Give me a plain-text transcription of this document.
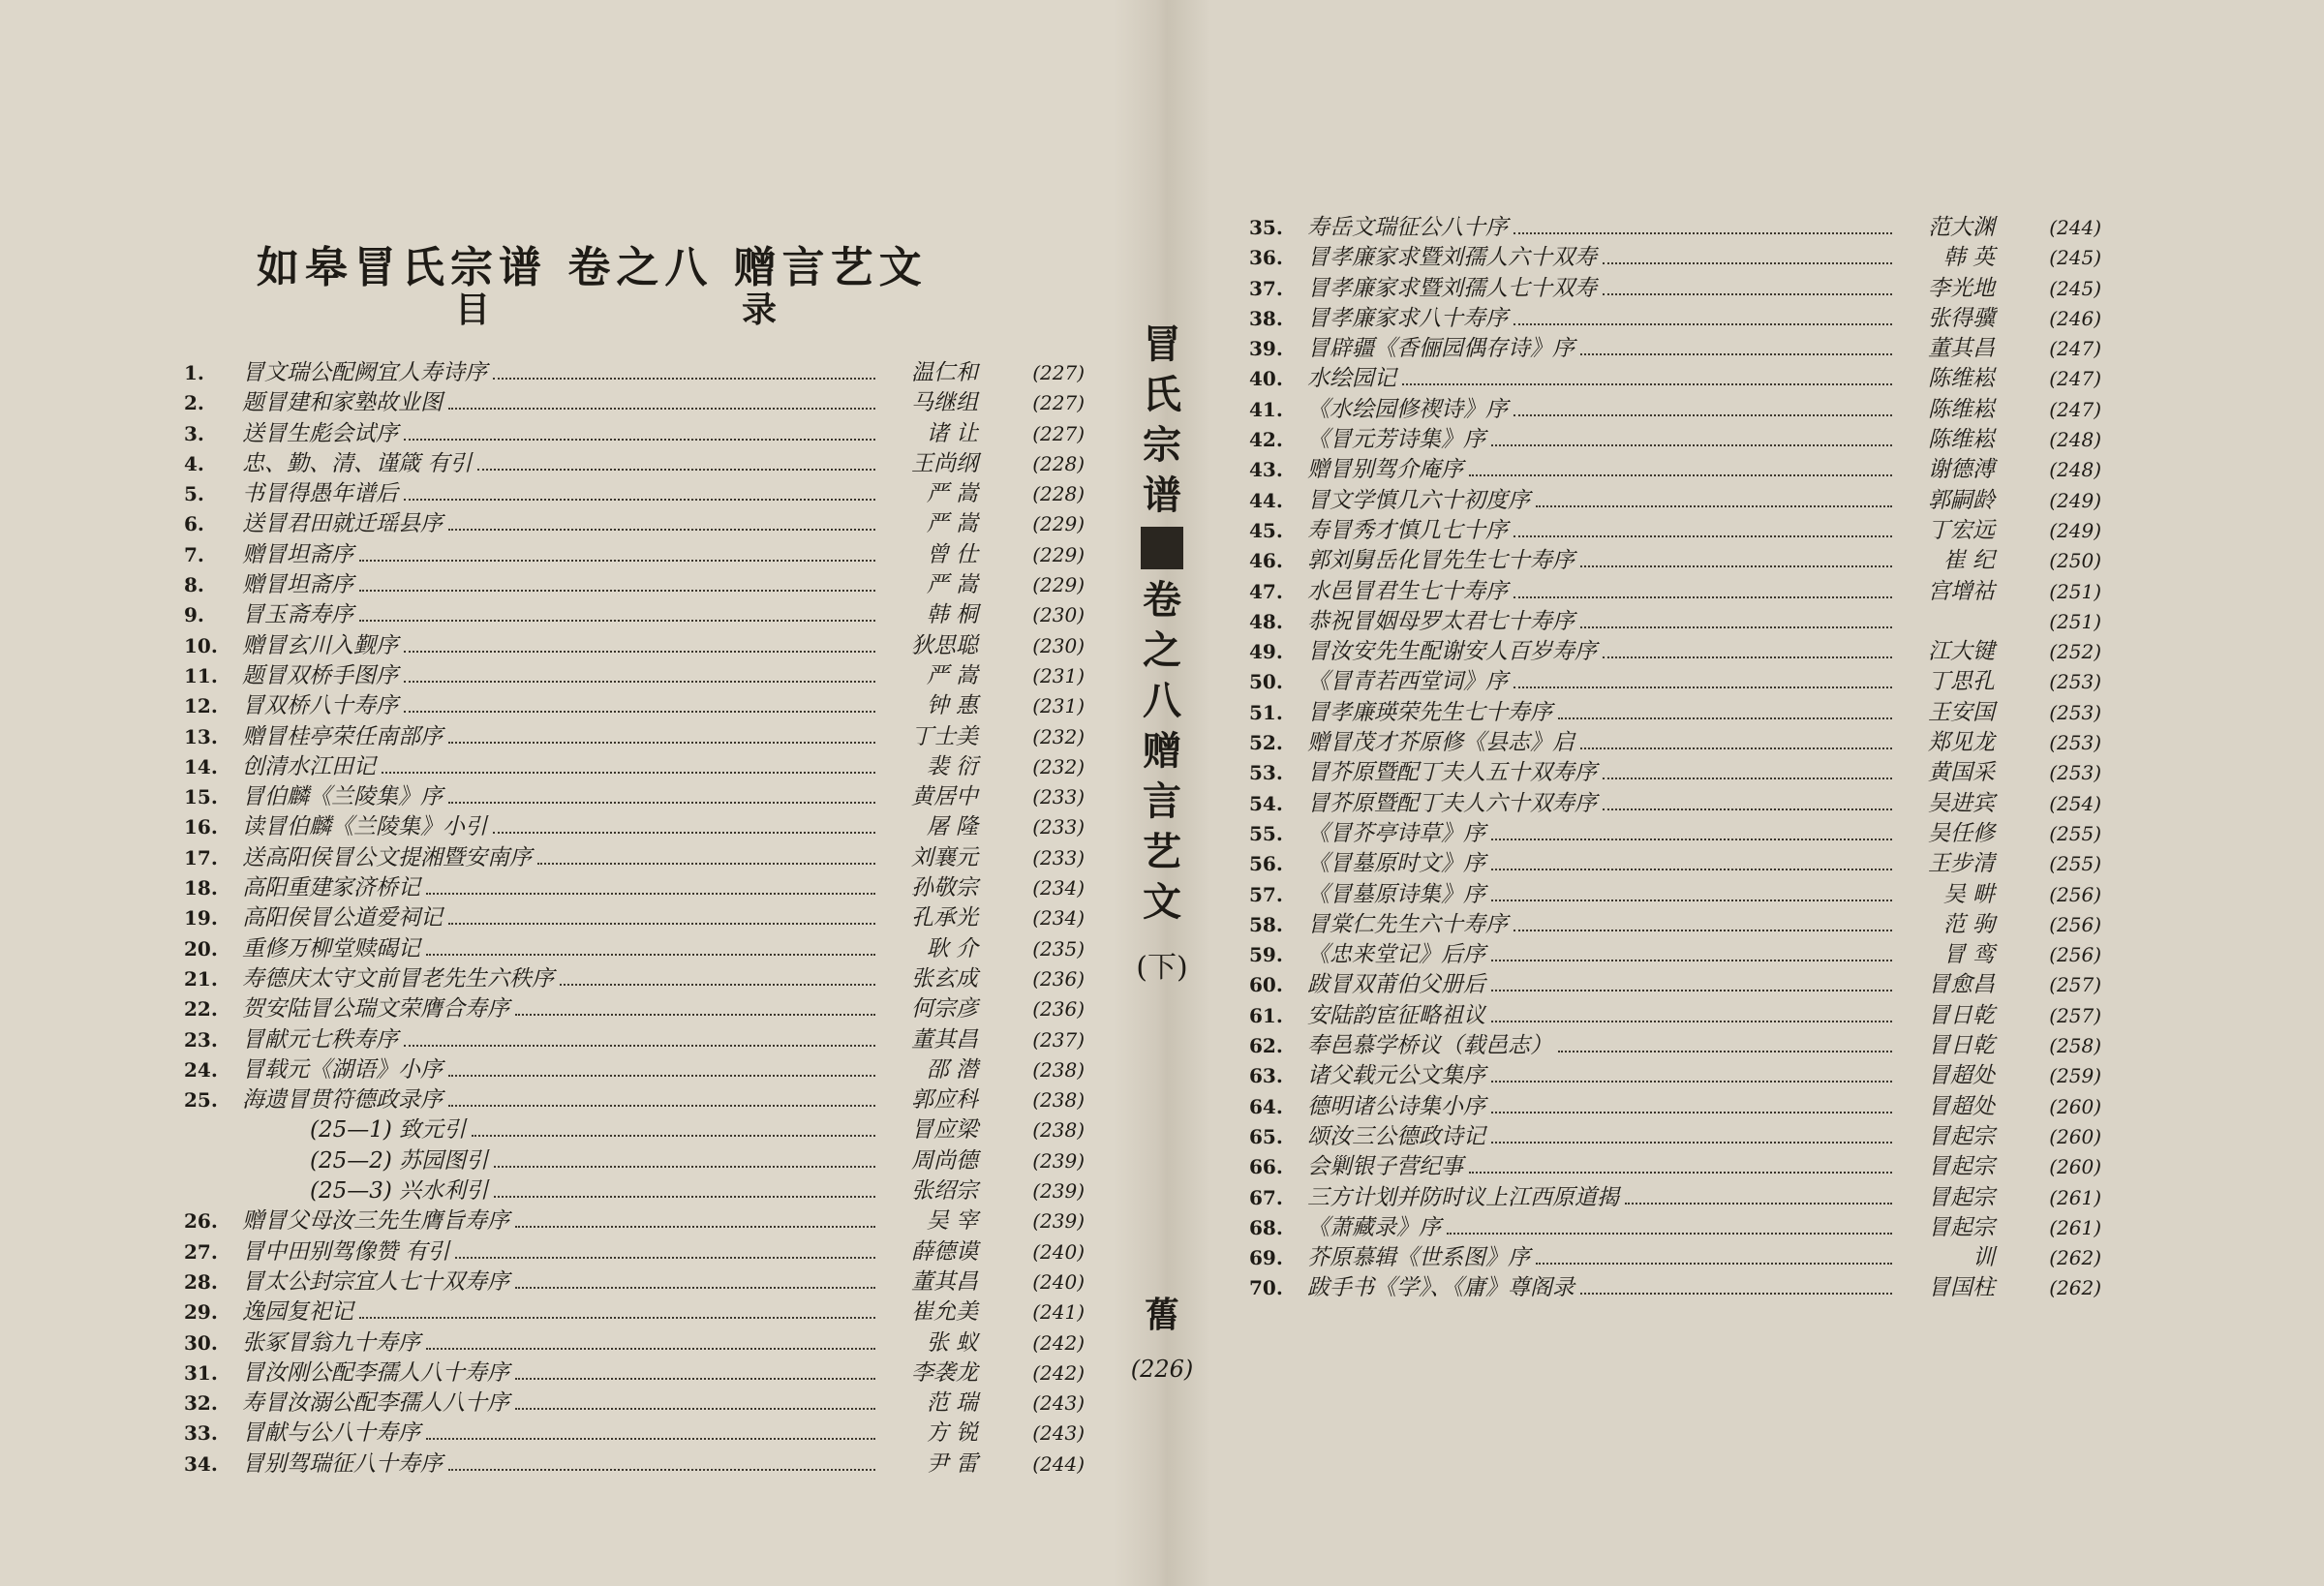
如皋冒氏宗谱 卷之八 赠言艺文
目	录
1.	冒文瑞公配阙宜人寿诗序	温仁和	(227)
2.	题冒建和家塾故业图	马继组	(227)
3.	送冒生彪会试序	诸 让	(227)
4.	忠、勤、清、谨箴 有引	王尚纲	(228)
5.	书冒得愚年谱后	严 嵩	(228)
6.	送冒君田就迁瑶县序	严 嵩	(229)
7.	赠冒坦斋序	曾 仕	(229)
8.	赠冒坦斋序	严 嵩	(229)
9.	冒玉斋寿序	韩 桐	(230)
10.	赠冒玄川入觐序	狄思聪	(230)
11.	题冒双桥手图序	严 嵩	(231)
12.	冒双桥八十寿序	钟 惠	(231)
13.	赠冒桂亭荣任南部序	丁士美	(232)
14.	创清水江田记	裴 衍	(232)
15.	冒伯麟《兰陵集》序	黄居中	(233)
16.	读冒伯麟《兰陵集》小引	屠 隆	(233)
17.	送高阳侯冒公文提湘暨安南序	刘襄元	(233)
18.	高阳重建家济桥记	孙敬宗	(234)
19.	高阳侯冒公道爱祠记	孔承光	(234)
20.	重修万柳堂赎碣记	耿 介	(235)
21.	寿德庆太守文前冒老先生六秩序	张玄成	(236)
22.	贺安陆冒公瑞文荣膺合寿序	何宗彦	(236)
23.	冒献元七秩寿序	董其昌	(237)
24.	冒载元《湖语》小序	邵 潜	(238)
25.	海遗冒贯符德政录序	郭应科	(238)
(25—1) 致元引	冒应梁	(238)
(25—2) 苏园图引	周尚德	(239)
(25—3) 兴水利引	张绍宗	(239)
26.	赠冒父母汝三先生膺旨寿序	吴 宰	(239)
27.	冒中田别驾像赞 有引	薛德谟	(240)
28.	冒太公封宗宜人七十双寿序	董其昌	(240)
29.	逸园复祀记	崔允美	(241)
30.	张冢冒翁九十寿序	张 蚁	(242)
31.	冒汝刚公配李孺人八十寿序	李袭龙	(242)
32.	寿冒汝溺公配李孺人八十序	范 瑞	(243)
33.	冒献与公八十寿序	方 锐	(243)
34.	冒别驾瑞征八十寿序	尹 雷	(244)
35.	寿岳文瑞征公八十序	范大渊	(244)
36.	冒孝廉家求暨刘孺人六十双寿	韩 英	(245)
37.	冒孝廉家求暨刘孺人七十双寿	李光地	(245)
38.	冒孝廉家求八十寿序	张得骥	(246)
39.	冒辟疆《香俪园偶存诗》序	董其昌	(247)
40.	水绘园记	陈维崧	(247)
41.	《水绘园修禊诗》序	陈维崧	(247)
42.	《冒元芳诗集》序	陈维崧	(248)
43.	赠冒别驾介庵序	谢德溥	(248)
44.	冒文学慎几六十初度序	郭嗣龄	(249)
45.	寿冒秀才慎几七十序	丁宏远	(249)
46.	郭刘舅岳化冒先生七十寿序	崔 纪	(250)
47.	水邑冒君生七十寿序	宫增祜	(251)
48.	恭祝冒姻母罗太君七十寿序	(251)
49.	冒汝安先生配谢安人百岁寿序	江大键	(252)
50.	《冒青若西堂词》序	丁思孔	(253)
51.	冒孝廉瑛荣先生七十寿序	王安国	(253)
52.	赠冒茂才芥原修《县志》启	郑见龙	(253)
53.	冒芥原暨配丁夫人五十双寿序	黄国采	(253)
54.	冒芥原暨配丁夫人六十双寿序	吴进宾	(254)
55.	《冒芥亭诗草》序	吴任修	(255)
56.	《冒墓原时文》序	王步清	(255)
57.	《冒墓原诗集》序	吴 畊	(256)
58.	冒棠仁先生六十寿序	范 驹	(256)
59.	《忠来堂记》后序	冒 鸾	(256)
60.	跋冒双莆伯父册后	冒愈昌	(257)
61.	安陆韵宦征略祖议	冒日乾	(257)
62.	奉邑慕学桥议（载邑志）	冒日乾	(258)
63.	诸父载元公文集序	冒超处	(259)
64.	德明诸公诗集小序	冒超处	(260)
65.	颂汝三公德政诗记	冒起宗	(260)
66.	会剿银子营纪事	冒起宗	(260)
67.	三方计划并防时议上江西原道揭	冒起宗	(261)
68.	《萧藏录》序	冒起宗	(261)
69.	芥原慕辑《世系图》序	训	(262)
70.	跋手书《学》、《庸》尊阁录	冒国柱	(262)
冒
氏
宗
谱
卷
之
八
赠
言
艺
文
(下)
𦾔
(226)
